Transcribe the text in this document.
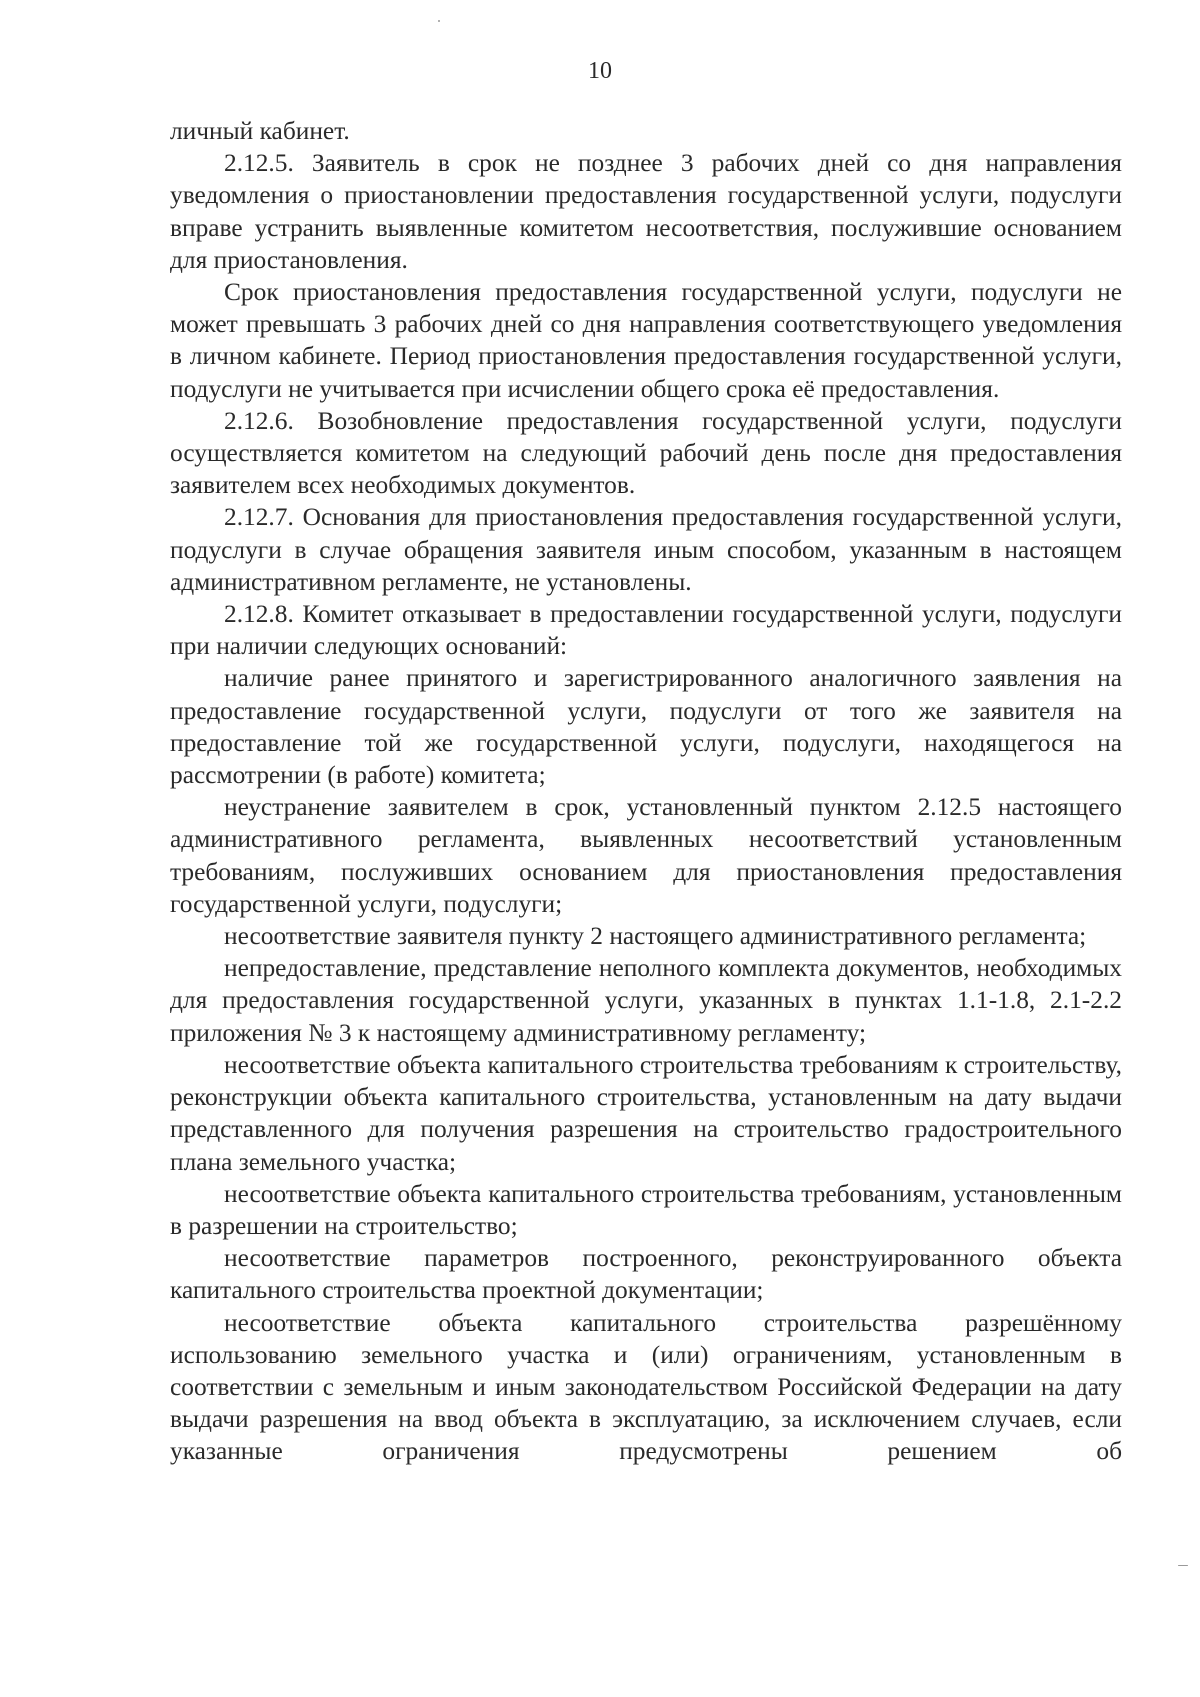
10

личный кабинет.

2.12.5. Заявитель в срок не позднее 3 рабочих дней со дня направления уведомления о приостановлении предоставления государственной услуги, подуслуги вправе устранить выявленные комитетом несоответствия, послужившие основанием для приостановления.

Срок приостановления предоставления государственной услуги, подуслуги не может превышать 3 рабочих дней со дня направления соответствующего уведомления в личном кабинете. Период приостановления предоставления государственной услуги, подуслуги не учитывается при исчислении общего срока её предоставления.

2.12.6. Возобновление предоставления государственной услуги, подуслуги осуществляется комитетом на следующий рабочий день после дня предоставления заявителем всех необходимых документов.

2.12.7. Основания для приостановления предоставления государственной услуги, подуслуги в случае обращения заявителя иным способом, указанным в настоящем административном регламенте, не установлены.

2.12.8. Комитет отказывает в предоставлении государственной услуги, подуслуги при наличии следующих оснований:

наличие ранее принятого и зарегистрированного аналогичного заявления на предоставление государственной услуги, подуслуги от того же заявителя на предоставление той же государственной услуги, подуслуги, находящегося на рассмотрении (в работе) комитета;

неустранение заявителем в срок, установленный пунктом 2.12.5 настоящего административного регламента, выявленных несоответствий установленным требованиям, послуживших основанием для приостановления предоставления государственной услуги, подуслуги;

несоответствие заявителя пункту 2 настоящего административного регламента;

непредоставление, представление неполного комплекта документов, необходимых для предоставления государственной услуги, указанных в пунктах 1.1-1.8, 2.1-2.2 приложения № 3 к настоящему административному регламенту;

несоответствие объекта капитального строительства требованиям к строительству, реконструкции объекта капитального строительства, установленным на дату выдачи представленного для получения разрешения на строительство градостроительного плана земельного участка;

несоответствие объекта капитального строительства требованиям, установленным в разрешении на строительство;

несоответствие параметров построенного, реконструированного объекта капитального строительства проектной документации;

несоответствие объекта капитального строительства разрешённому использованию земельного участка и (или) ограничениям, установленным в соответствии с земельным и иным законодательством Российской Федерации на дату выдачи разрешения на ввод объекта в эксплуатацию, за исключением случаев, если указанные ограничения предусмотрены решением об
